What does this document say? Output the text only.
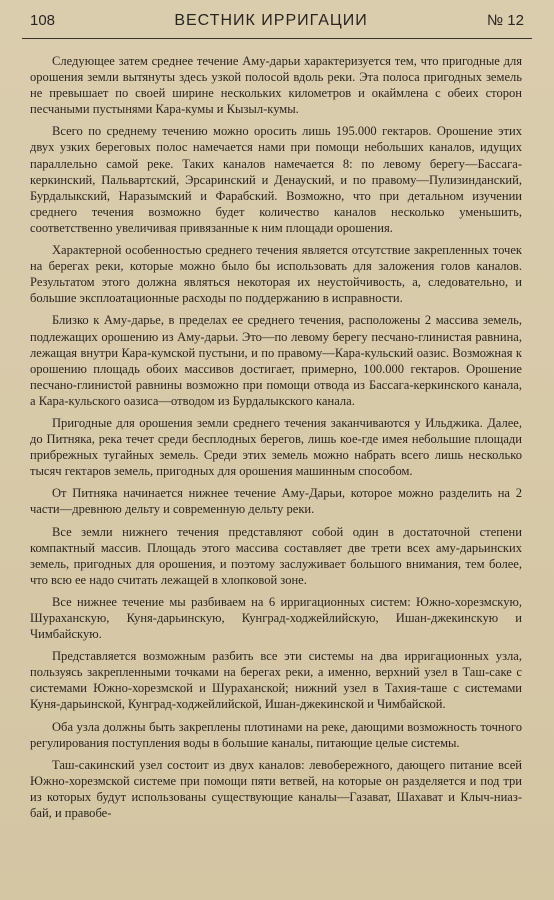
108	ВЕСТНИК ИРРИГАЦИИ	№ 12

Следующее затем среднее течение Аму-дарьи характеризуется тем, что пригодные для орошения земли вытянуты здесь узкой полосой вдоль реки. Эта полоса пригодных земель не превышает по своей ширине нескольких километров и окаймлена с обеих сторон песчаными пустынями Кара-кумы и Кызыл-кумы.

Всего по среднему течению можно оросить лишь 195.000 гектаров. Орошение этих двух узких береговых полос намечается нами при помощи небольших каналов, идущих параллельно самой реке. Таких каналов намечается 8: по левому берегу—Бассага-керкинский, Пальвартский, Эрсаринский и Денауский, и по правому—Пулизинданский, Бурдалыкский, Наразымский и Фарабский. Возможно, что при детальном изучении среднего течения возможно будет количество каналов несколько уменьшить, соответственно увеличивая привязанные к ним площади орошения.

Характерной особенностью среднего течения является отсутствие закрепленных точек на берегах реки, которые можно было бы использовать для заложения голов каналов. Результатом этого должна являться некоторая их неустойчивость, а, следовательно, и большие эксплоатационные расходы по поддержанию в исправности.

Близко к Аму-дарье, в пределах ее среднего течения, расположены 2 массива земель, подлежащих орошению из Аму-дарьи. Это—по левому берегу песчано-глинистая равнина, лежащая внутри Кара-кумской пустыни, и по правому—Кара-кульский оазис. Возможная к орошению площадь обоих массивов достигает, примерно, 100.000 гектаров. Орошение песчано-глинистой равнины возможно при помощи отвода из Бассага-керкинского канала, а Кара-кульского оазиса—отводом из Бурдалыкского канала.

Пригодные для орошения земли среднего течения заканчиваются у Ильджика. Далее, до Питняка, река течет среди бесплодных берегов, лишь кое-где имея небольшие площади прибрежных тугайных земель. Среди этих земель можно набрать всего лишь несколько тысяч гектаров земель, пригодных для орошения машинным способом.

От Питняка начинается нижнее течение Аму-Дарьи, которое можно разделить на 2 части—древнюю дельту и современную дельту реки.

Все земли нижнего течения представляют собой один в достаточной степени компактный массив. Площадь этого массива составляет две трети всех аму-дарьинских земель, пригодных для орошения, и поэтому заслуживает большого внимания, тем более, что всю ее надо считать лежащей в хлопковой зоне.

Все нижнее течение мы разбиваем на 6 ирригационных систем: Южно-хорезмскую, Шураханскую, Куня-дарьинскую, Кунград-ходжейлийскую, Ишан-джекинскую и Чимбайскую.

Представляется возможным разбить все эти системы на два ирригационных узла, пользуясь закрепленными точками на берегах реки, а именно, верхний узел в Таш-саке с системами Южно-хорезмской и Шураханской; нижний узел в Тахия-таше с системами Куня-дарьинской, Кунград-ходжейлийской, Ишан-джекинской и Чимбайской.

Оба узла должны быть закреплены плотинами на реке, дающими возможность точного регулирования поступления воды в большие каналы, питающие целые системы.

Таш-сакинский узел состоит из двух каналов: левобережного, дающего питание всей Южно-хорезмской системе при помощи пяти ветвей, на которые он разделяется и под три из которых будут использованы существующие каналы—Газават, Шахават и Клыч-ниаз-бай, и правобе-
